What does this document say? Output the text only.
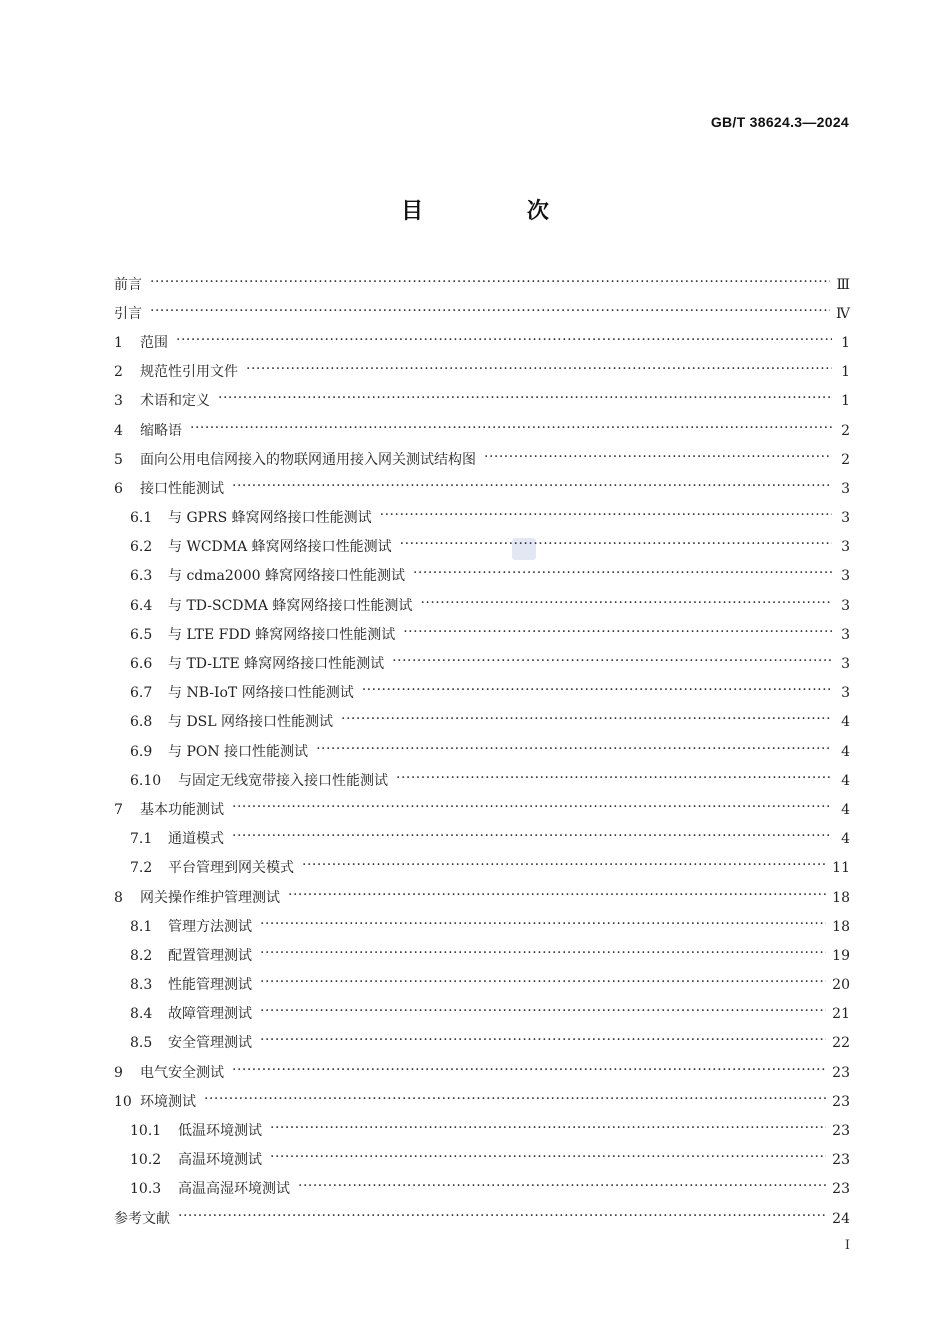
GB/T 38624.3—2024
目 次
前言 ·····	Ⅲ
引言 ·····	Ⅳ
1	范围 ·····	1
2	规范性引用文件 ·····	1
3	术语和定义 ·····	1
4	缩略语 ·····	2
5	面向公用电信网接入的物联网通用接入网关测试结构图 ·····	2
6	接口性能测试 ·····	3
6.1	与 GPRS 蜂窝网络接口性能测试 ·····	3
6.2	与 WCDMA 蜂窝网络接口性能测试 ·····	3
6.3	与 cdma2000 蜂窝网络接口性能测试 ·····	3
6.4	与 TD-SCDMA 蜂窝网络接口性能测试 ·····	3
6.5	与 LTE FDD 蜂窝网络接口性能测试 ·····	3
6.6	与 TD-LTE 蜂窝网络接口性能测试 ·····	3
6.7	与 NB-IoT 网络接口性能测试 ·····	3
6.8	与 DSL 网络接口性能测试 ·····	4
6.9	与 PON 接口性能测试 ·····	4
6.10	与固定无线宽带接入接口性能测试 ·····	4
7	基本功能测试 ·····	4
7.1	通道模式 ·····	4
7.2	平台管理到网关模式 ·····	11
8	网关操作维护管理测试 ·····	18
8.1	管理方法测试 ·····	18
8.2	配置管理测试 ·····	19
8.3	性能管理测试 ·····	20
8.4	故障管理测试 ·····	21
8.5	安全管理测试 ·····	22
9	电气安全测试 ·····	23
10 环境测试 ·····	23
10.1	低温环境测试 ·····	23
10.2	高温环境测试 ·····	23
10.3	高温高湿环境测试 ·····	23
参考文献 ·····	24
I
